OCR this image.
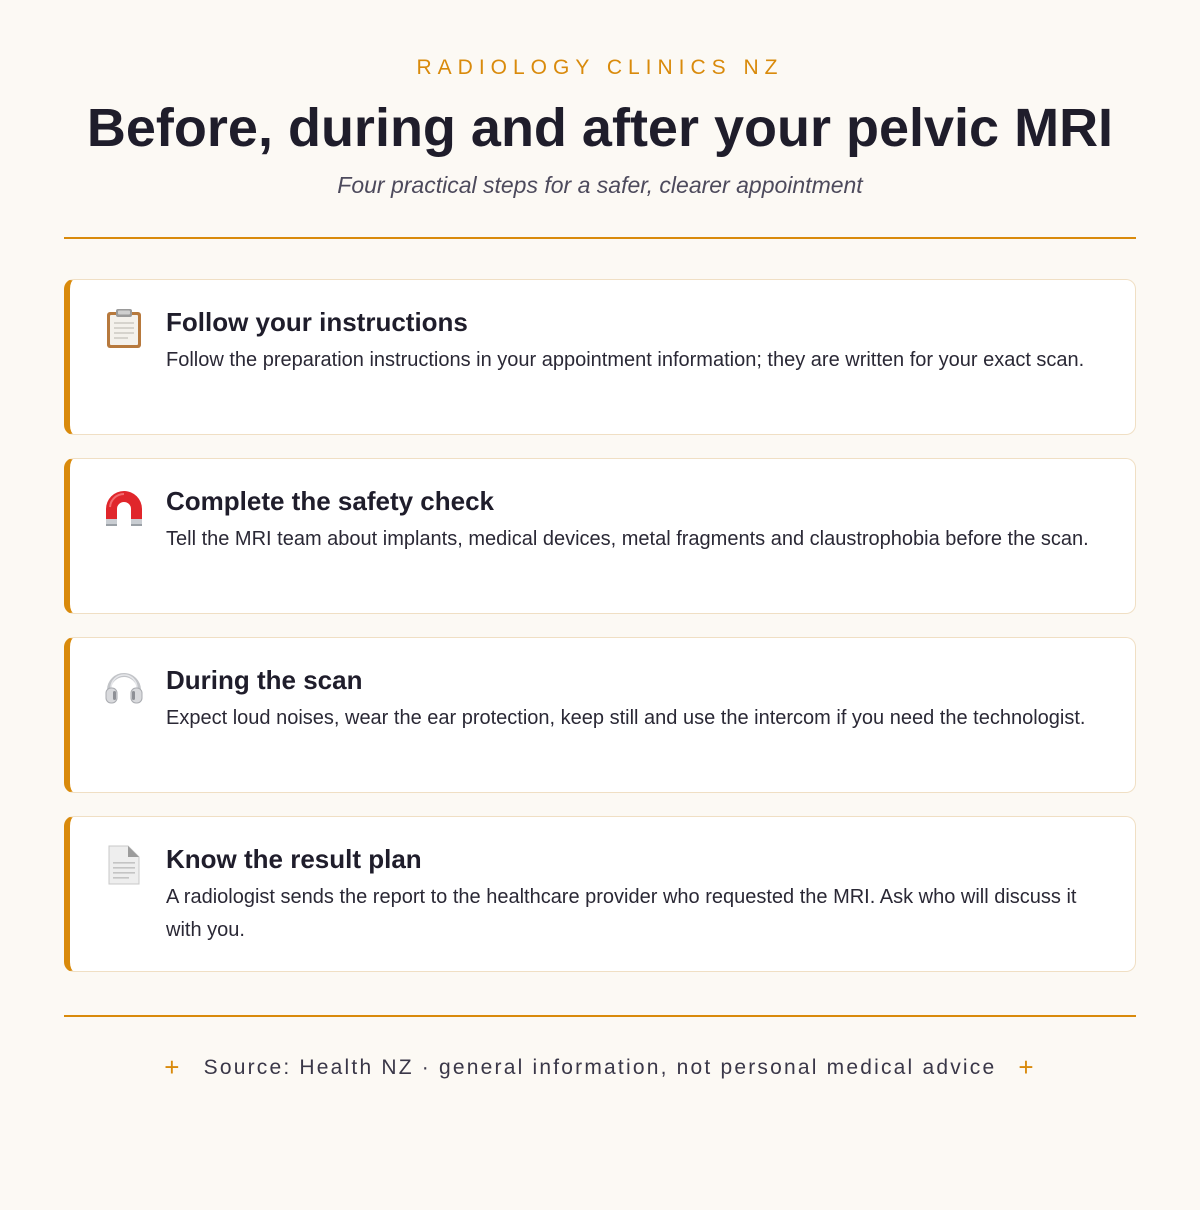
RADIOLOGY CLINICS NZ
Before, during and after your pelvic MRI
Four practical steps for a safer, clearer appointment
Follow your instructions
Follow the preparation instructions in your appointment information; they are written for your exact scan.
Complete the safety check
Tell the MRI team about implants, medical devices, metal fragments and claustrophobia before the scan.
During the scan
Expect loud noises, wear the ear protection, keep still and use the intercom if you need the technologist.
Know the result plan
A radiologist sends the report to the healthcare provider who requested the MRI. Ask who will discuss it with you.
+ Source: Health NZ · general information, not personal medical advice +
